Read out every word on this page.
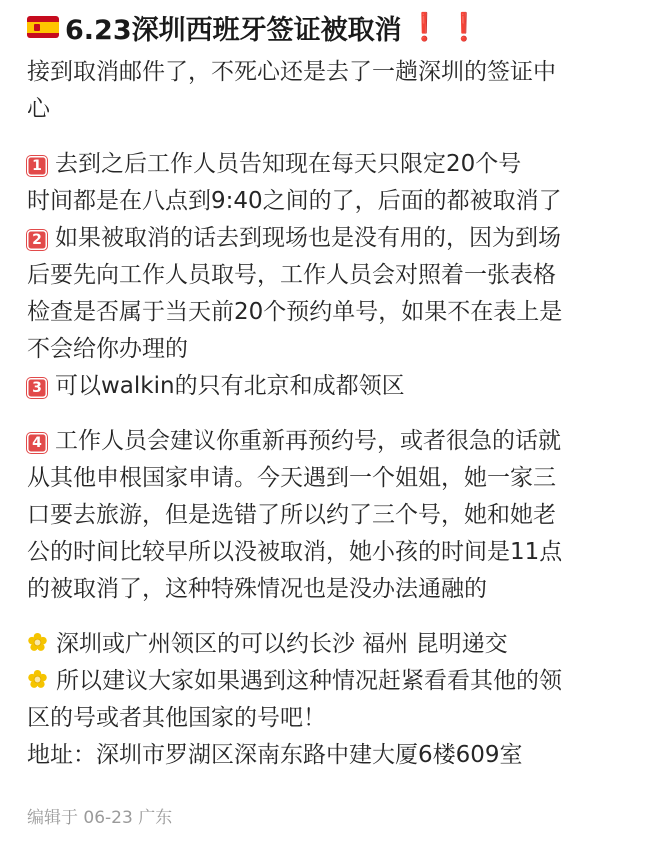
6.23深圳西班牙签证被取消 ❗ ❗

接到取消邮件了，不死心还是去了一趟深圳的签证中
心

1 去到之后工作人员告知现在每天只限定20个号
时间都是在八点到9:40之间的了，后面的都被取消了

2 如果被取消的话去到现场也是没有用的，因为到场
后要先向工作人员取号，工作人员会对照着一张表格
检查是否属于当天前20个预约单号，如果不在表上是
不会给你办理的

3 可以walkin的只有北京和成都领区

4 工作人员会建议你重新再预约号，或者很急的话就
从其他申根国家申请。今天遇到一个姐姐，她一家三
口要去旅游，但是选错了所以约了三个号，她和她老
公的时间比较早所以没被取消，她小孩的时间是11点
的被取消了，这种特殊情况也是没办法通融的

深圳或广州领区的可以约长沙 福州 昆明递交

所以建议大家如果遇到这种情况赶紧看看其他的领
区的号或者其他国家的号吧！

地址：深圳市罗湖区深南东路中建大厦6楼609室

编辑于 06-23 广东
